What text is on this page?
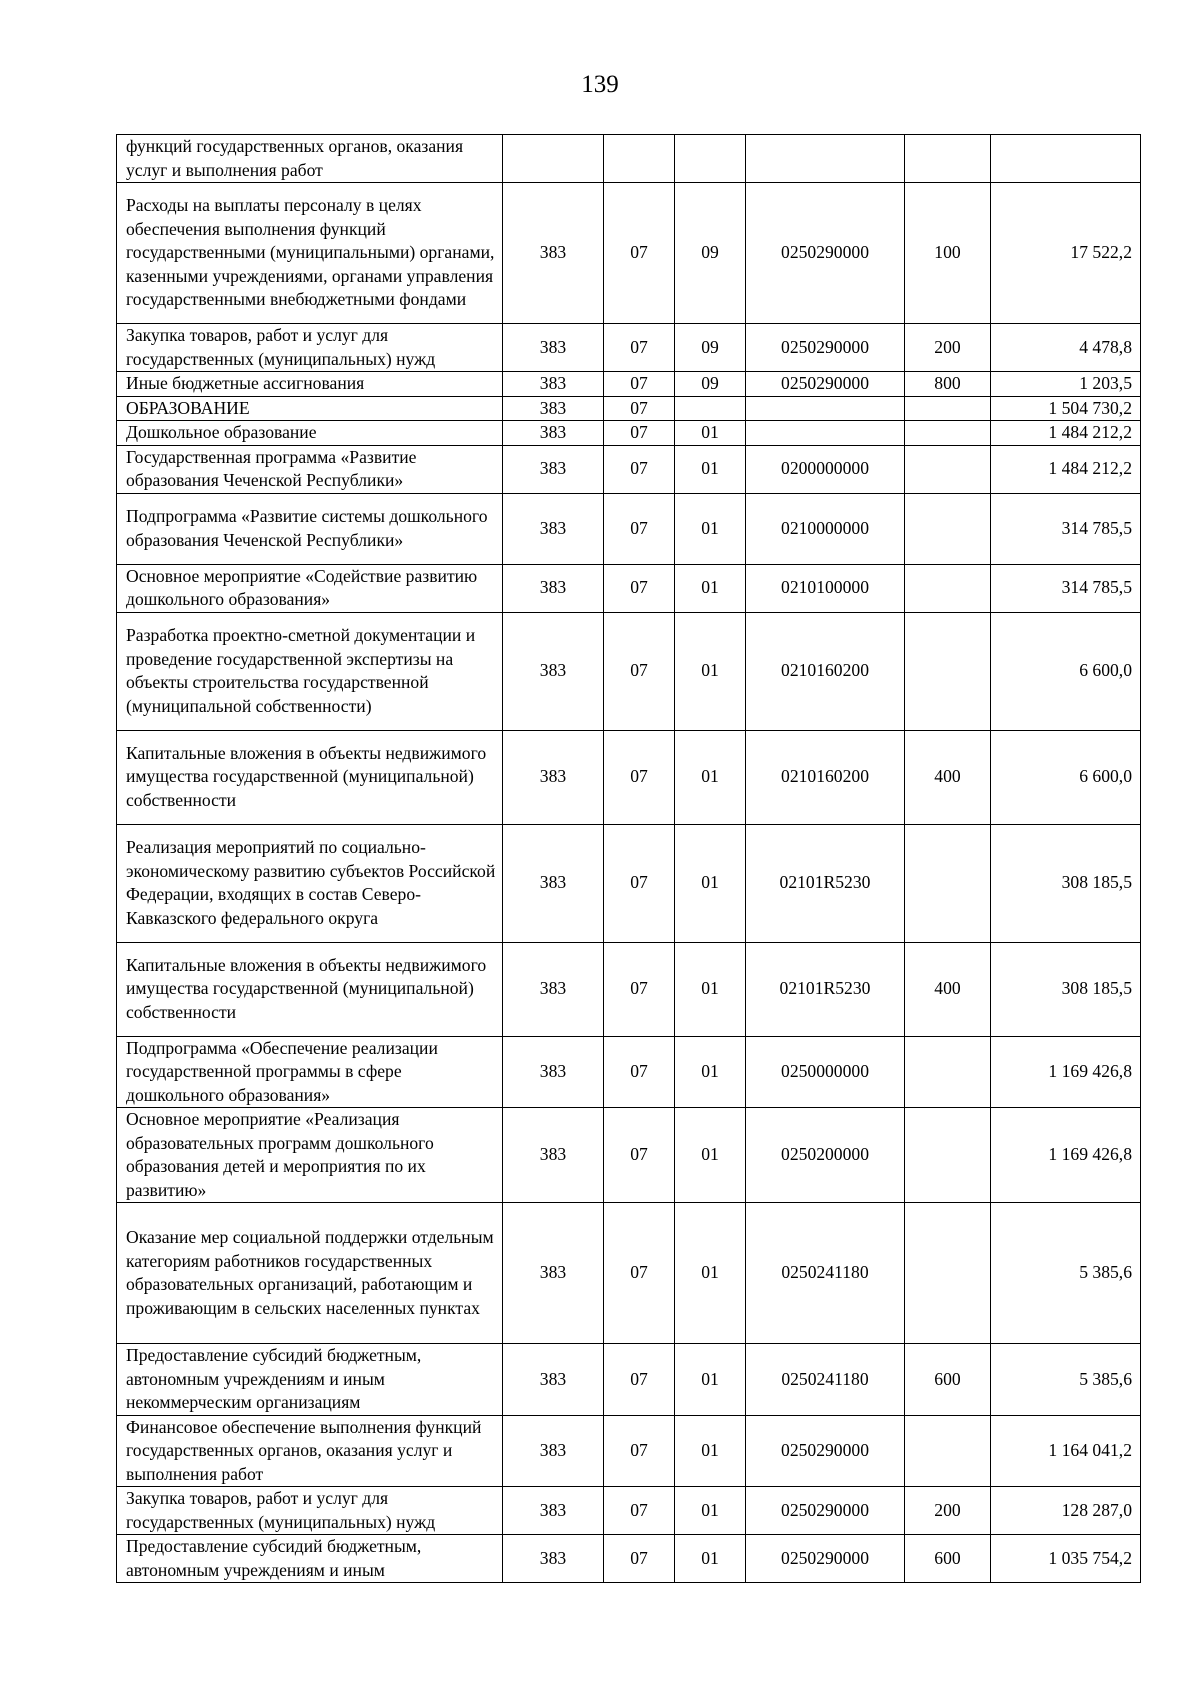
139
функций государственных органов, оказания услуг и выполнения работ						
Расходы на выплаты персоналу в целях обеспечения выполнения функций государственными (муниципальными) органами, казенными учреждениями, органами управления государственными внебюджетными фондами	383	07	09	0250290000	100	17 522,2
Закупка товаров, работ и услуг для государственных (муниципальных) нужд	383	07	09	0250290000	200	4 478,8
Иные бюджетные ассигнования	383	07	09	0250290000	800	1 203,5
ОБРАЗОВАНИЕ	383	07				1 504 730,2
Дошкольное образование	383	07	01			1 484 212,2
Государственная программа «Развитие образования Чеченской Республики»	383	07	01	0200000000		1 484 212,2
Подпрограмма «Развитие системы дошкольного образования Чеченской Республики»	383	07	01	0210000000		314 785,5
Основное мероприятие «Содействие развитию дошкольного образования»	383	07	01	0210100000		314 785,5
Разработка проектно-сметной документации и проведение государственной экспертизы на объекты строительства государственной (муниципальной собственности)	383	07	01	0210160200		6 600,0
Капитальные вложения в объекты недвижимого имущества государственной (муниципальной) собственности	383	07	01	0210160200	400	6 600,0
Реализация мероприятий по социально-экономическому развитию субъектов Российской Федерации, входящих в состав Северо-Кавказского федерального округа	383	07	01	02101R5230		308 185,5
Капитальные вложения в объекты недвижимого имущества государственной (муниципальной) собственности	383	07	01	02101R5230	400	308 185,5
Подпрограмма «Обеспечение реализации государственной программы в сфере дошкольного образования»	383	07	01	0250000000		1 169 426,8
Основное мероприятие «Реализация образовательных программ дошкольного образования детей и мероприятия по их развитию»	383	07	01	0250200000		1 169 426,8
Оказание мер социальной поддержки отдельным категориям работников государственных образовательных организаций, работающим и проживающим в сельских населенных пунктах	383	07	01	0250241180		5 385,6
Предоставление субсидий бюджетным, автономным учреждениям и иным некоммерческим организациям	383	07	01	0250241180	600	5 385,6
Финансовое обеспечение выполнения функций государственных органов, оказания услуг и выполнения работ	383	07	01	0250290000		1 164 041,2
Закупка товаров, работ и услуг для государственных (муниципальных) нужд	383	07	01	0250290000	200	128 287,0
Предоставление субсидий бюджетным, автономным учреждениям и иным	383	07	01	0250290000	600	1 035 754,2
